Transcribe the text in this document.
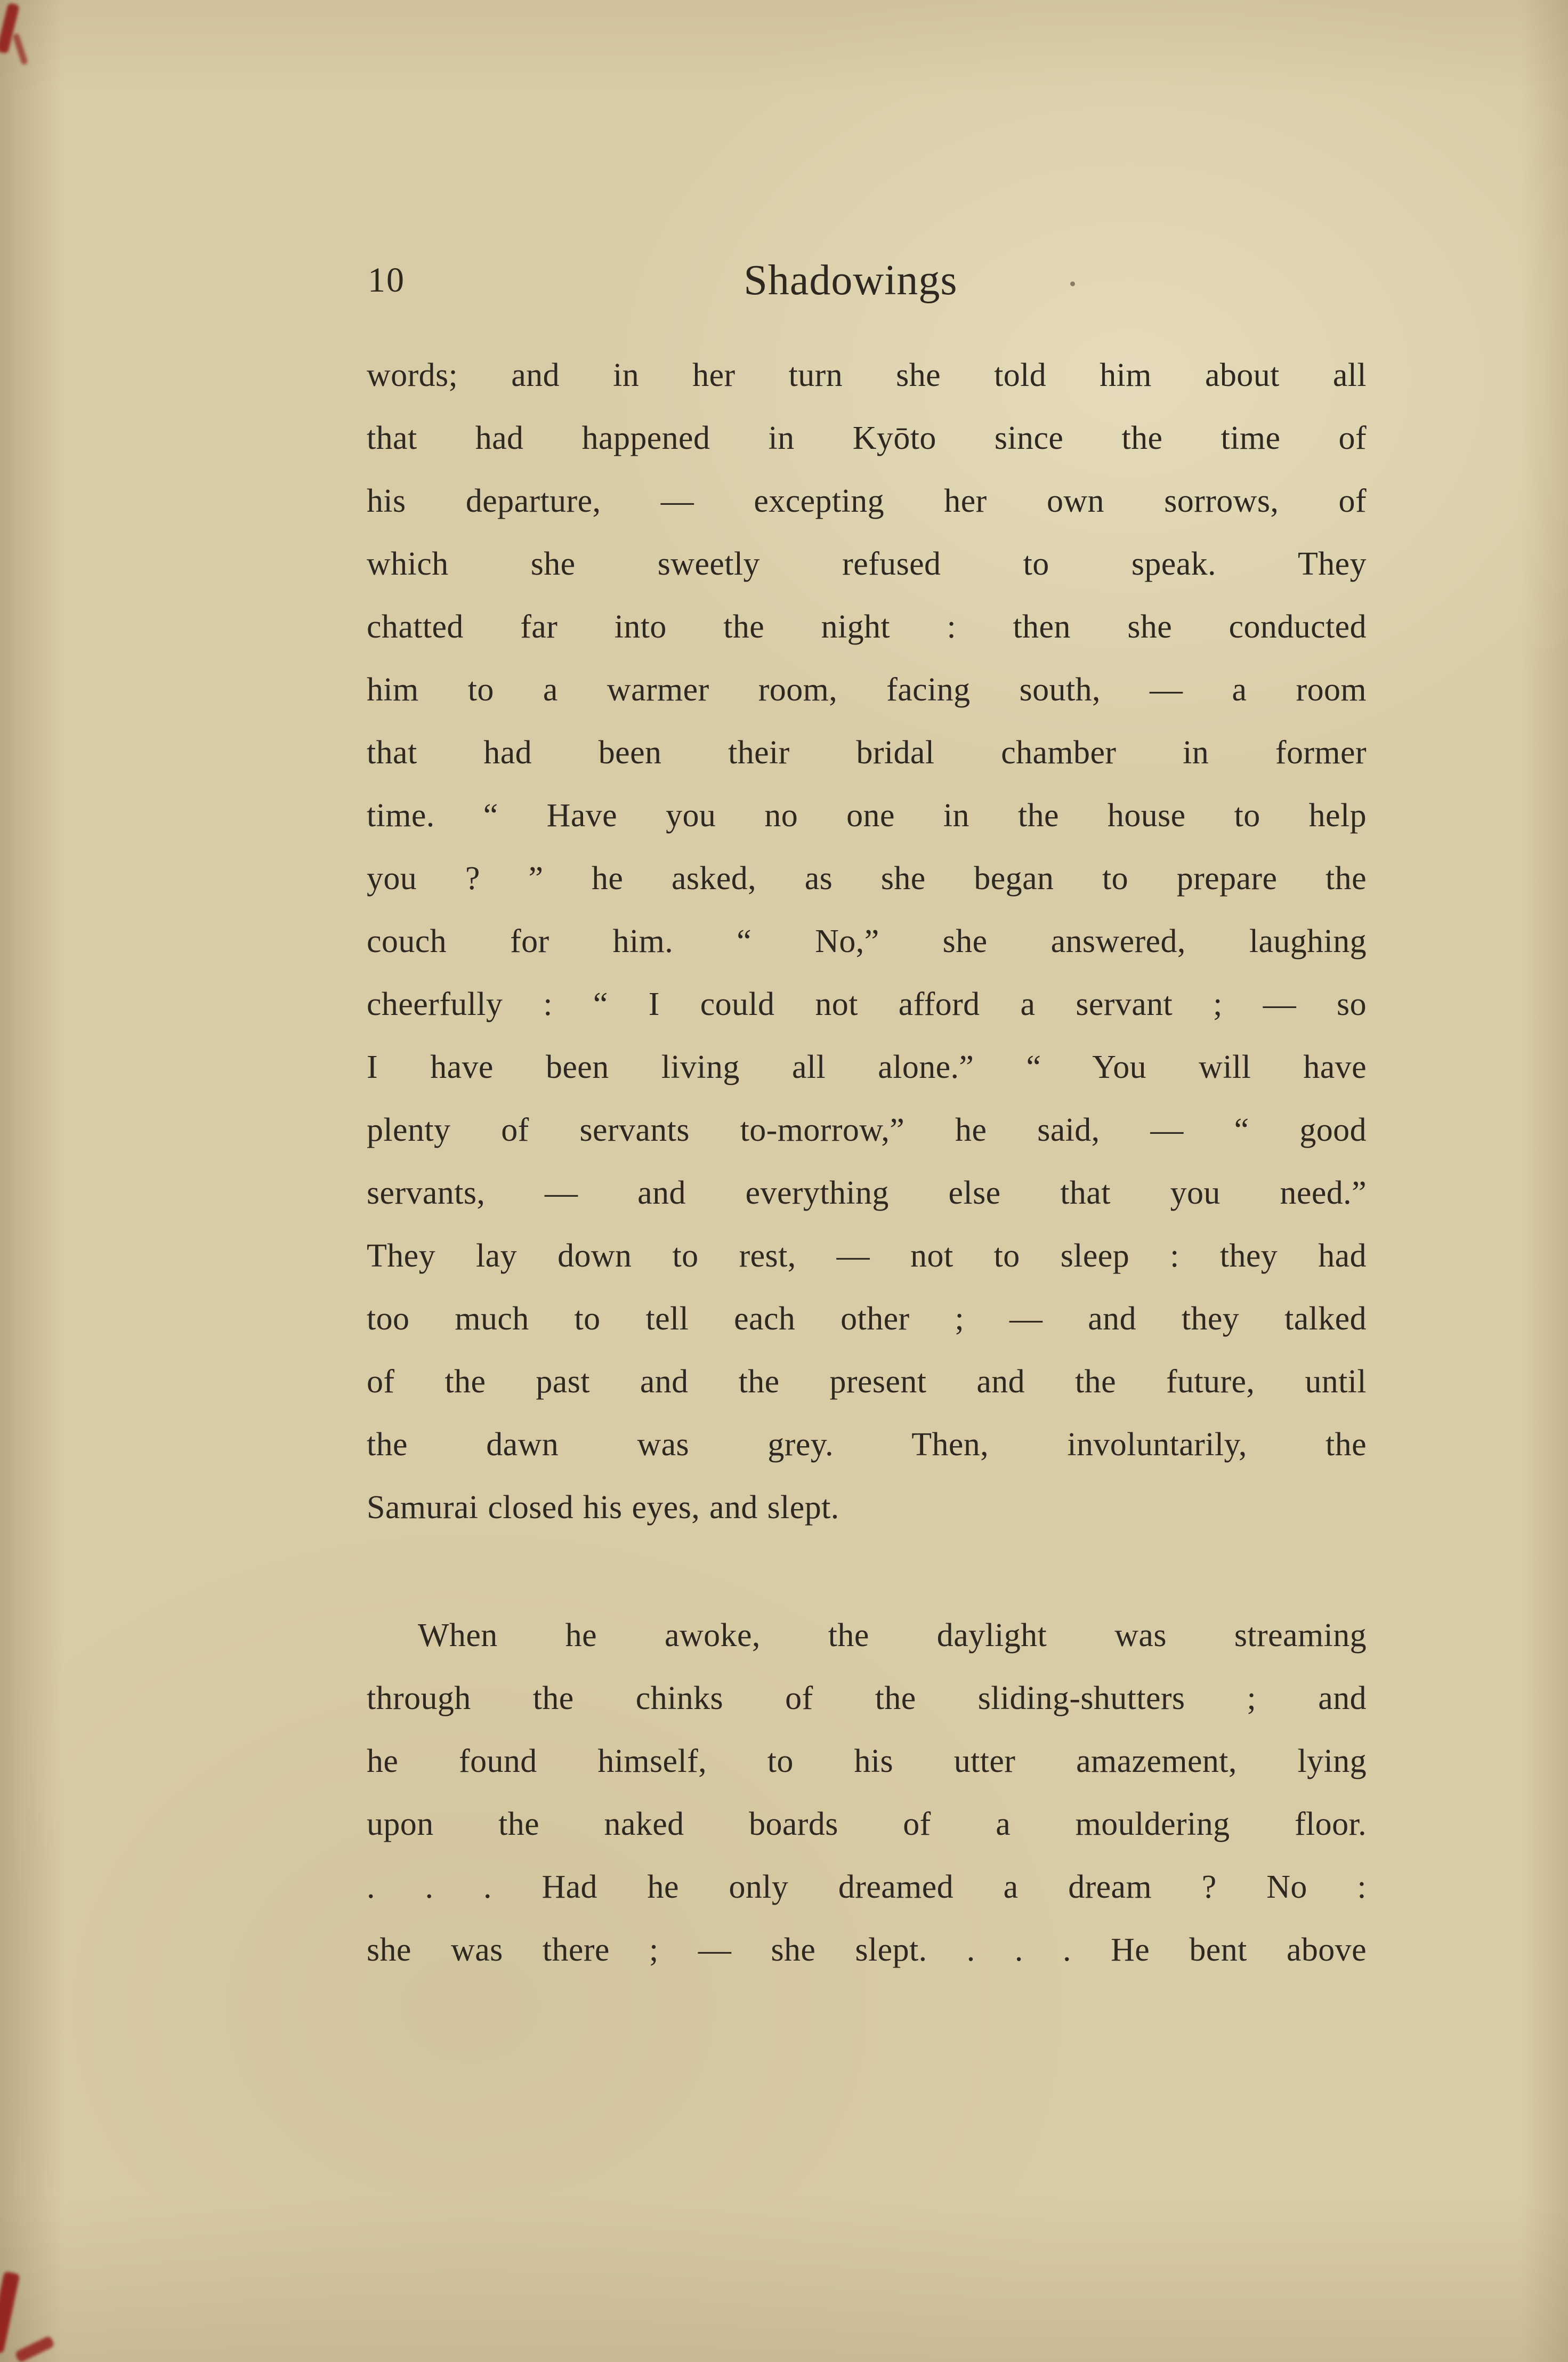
10	Shadowings
words; and in her turn she told him about all
that had happened in Kyōto since the time of
his departure, — excepting her own sorrows, of
which she sweetly refused to speak. They
chatted far into the night : then she conducted
him to a warmer room, facing south, — a room
that had been their bridal chamber in former
time. “ Have you no one in the house to help
you ? ” he asked, as she began to prepare the
couch for him. “ No,” she answered, laughing
cheerfully : “ I could not afford a servant ; — so
I have been living all alone.” “ You will have
plenty of servants to-morrow,” he said, — “ good
servants, — and everything else that you need.”
They lay down to rest, — not to sleep : they had
too much to tell each other ; — and they talked
of the past and the present and the future, until
the dawn was grey. Then, involuntarily, the
Samurai closed his eyes, and slept.
When he awoke, the daylight was streaming
through the chinks of the sliding-shutters ; and
he found himself, to his utter amazement, lying
upon the naked boards of a mouldering floor.
. . . Had he only dreamed a dream ? No :
she was there ; — she slept. . . . He bent above
